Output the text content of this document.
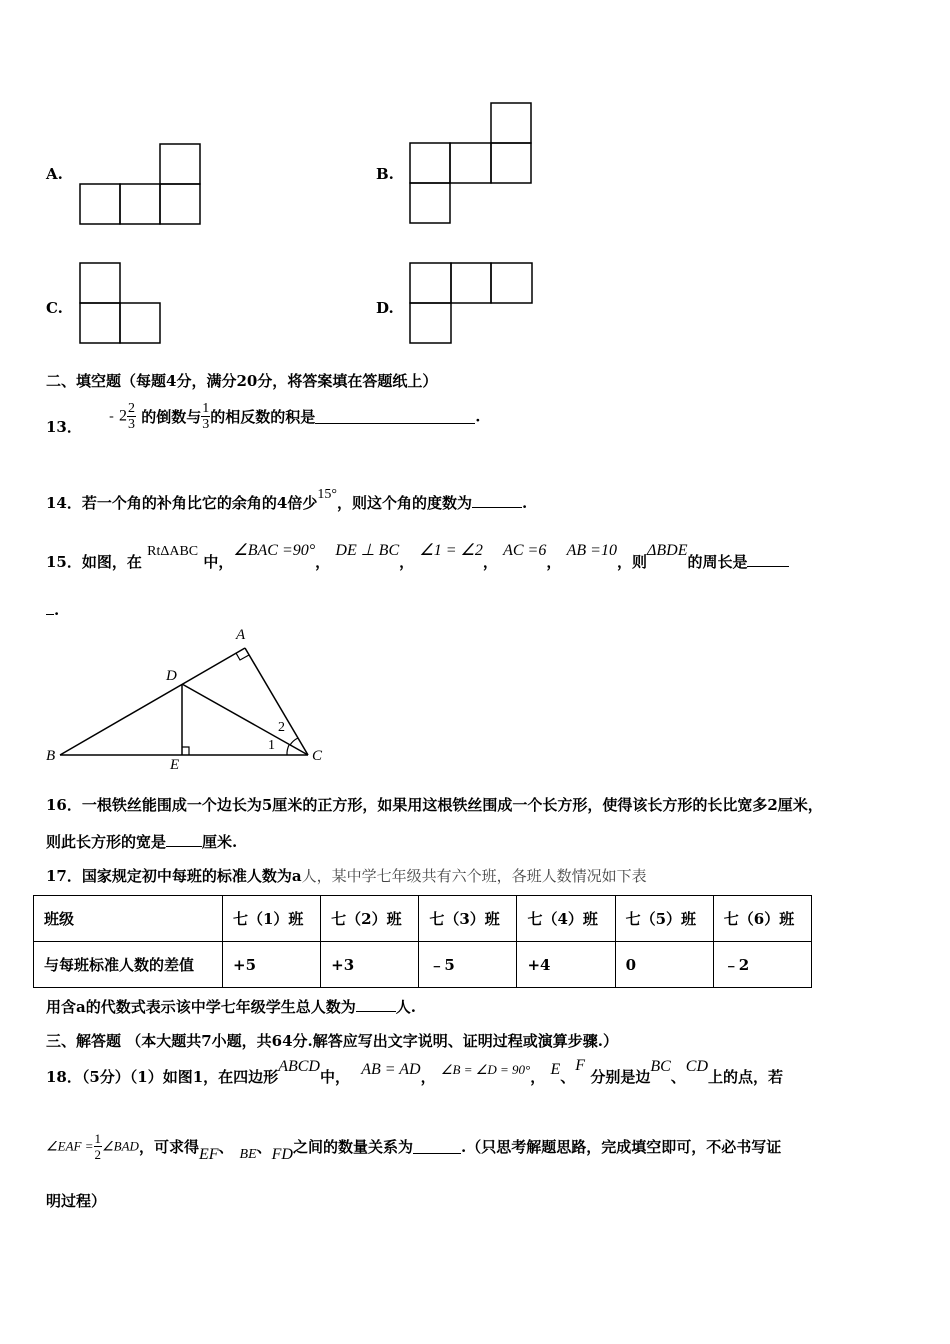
A.	B.
C.	D.
二、填空题（每题4分，满分20分，将答案填在答题纸上）
13． - $2 \frac{2}{3}$ 的倒数与 $\frac{1}{3}$ 的相反数的积是	.
14．若一个角的补角比它的余角的4倍少15°，则这个角的度数为	.
15．如图，在 RtΔABC 中，∠BAC =90°， DE ⊥ BC， ∠1 = ∠2， AC =6， AB =10，则ΔBDE的周长是
.
A
B	C
D
E
1
2
16．一根铁丝能围成一个边长为5厘米的正方形，如果用这根铁丝围成一个长方形，使得该长方形的长比宽多2厘米，
则此长方形的宽是 厘米.
17．国家规定初中每班的标准人数为a人，某中学七年级共有六个班，各班人数情况如下表
班级	七（1）班	七（2）班	七（3）班	七（4）班	七（5）班	七（6）班
与每班标准人数的差值	+5	+3	﹣5	+4	0	﹣2
用含a的代数式表示该中学七年级学生总人数为	人.
三、解答题 （本大题共7小题，共64分.解答应写出文字说明、证明过程或演算步骤.）
18．（5分）（1）如图1，在四边形ABCD中， AB = AD， ∠B = ∠D = 90°， E、F 分别是边BC、CD上的点，若
∠EAF = $\frac{1}{2}$ ∠BAD，可求得EF、 BE、FD之间的数量关系为	.（只思考解题思路，完成填空即可，不必书写证
明过程）
